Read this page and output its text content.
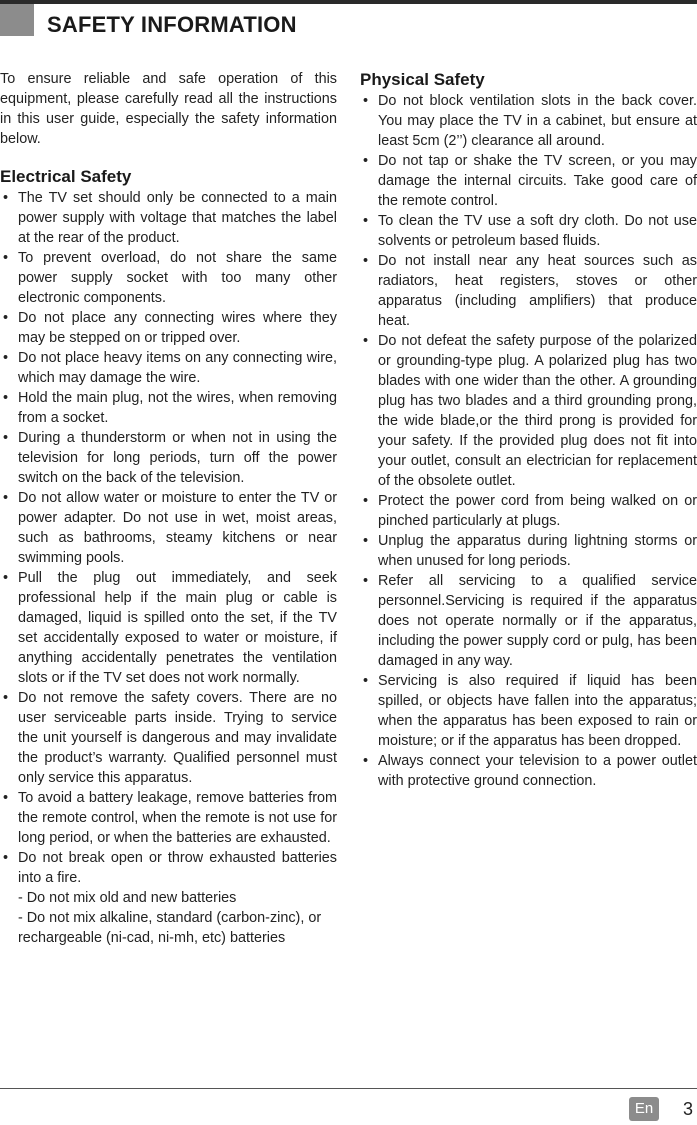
SAFETY INFORMATION

To ensure reliable and safe operation of this equipment, please carefully read all the instructions in this user guide, especially the safety information below.

Electrical Safety
• The TV set should only be connected to a main power supply with voltage that matches the label at the rear of the product.
• To prevent overload, do not share the same power supply socket with too many other electronic components.
• Do not place any connecting wires where they may be stepped on or tripped over.
• Do not place heavy items on any connecting wire, which may damage the wire.
• Hold the main plug, not the wires, when removing from a socket.
• During a thunderstorm or when not in using the television for long periods, turn off the power switch on the back of the television.
• Do not allow water or moisture to enter the TV or power adapter. Do not use in wet, moist areas, such as bathrooms, steamy kitchens or near swimming pools.
• Pull the plug out immediately, and seek professional help if the main plug or cable is damaged, liquid is spilled onto the set, if the TV set accidentally exposed to water or moisture, if anything accidentally penetrates the ventilation slots or if the TV set does not work normally.
• Do not remove the safety covers. There are no user serviceable parts inside. Trying to service the unit yourself is dangerous and may invalidate the product’s warranty. Qualified personnel must only service this apparatus.
• To avoid a battery leakage, remove batteries from the remote control, when the remote is not use for long period, or when the batteries are exhausted.
• Do not break open or throw exhausted batteries into a fire.
- Do not mix old and new batteries
- Do not mix alkaline, standard (carbon-zinc), or rechargeable (ni-cad, ni-mh, etc) batteries
Physical Safety
• Do not block ventilation slots in the back cover. You may place the TV in a cabinet, but ensure at least 5cm (2’’) clearance all around.
• Do not tap or shake the TV screen, or you may damage the internal circuits. Take good care of the remote control.
• To clean the TV use a soft dry cloth. Do not use solvents or petroleum based fluids.
• Do not install near any heat sources such as radiators, heat registers, stoves or other apparatus (including amplifiers) that produce heat.
• Do not defeat the safety purpose of the polarized or grounding-type plug. A polarized plug has two blades with one wider than the other. A grounding plug has two blades and a third grounding prong, the wide blade,or the third prong is provided for your safety. If the provided plug does not fit into your outlet, consult an electrician for replacement of the obsolete outlet.
• Protect the power cord from being walked on or pinched particularly at plugs.
• Unplug the apparatus during lightning storms or when unused for long periods.
• Refer all servicing to a qualified service personnel.Servicing is required if the apparatus does not operate normally or if the apparatus, including the power supply cord or pulg, has been damaged in any way.
• Servicing is also required if liquid has been spilled, or objects have fallen into the apparatus; when the apparatus has been exposed to rain or moisture; or if the apparatus has been dropped.
• Always connect your television to a power outlet with protective ground connection.
En	3
